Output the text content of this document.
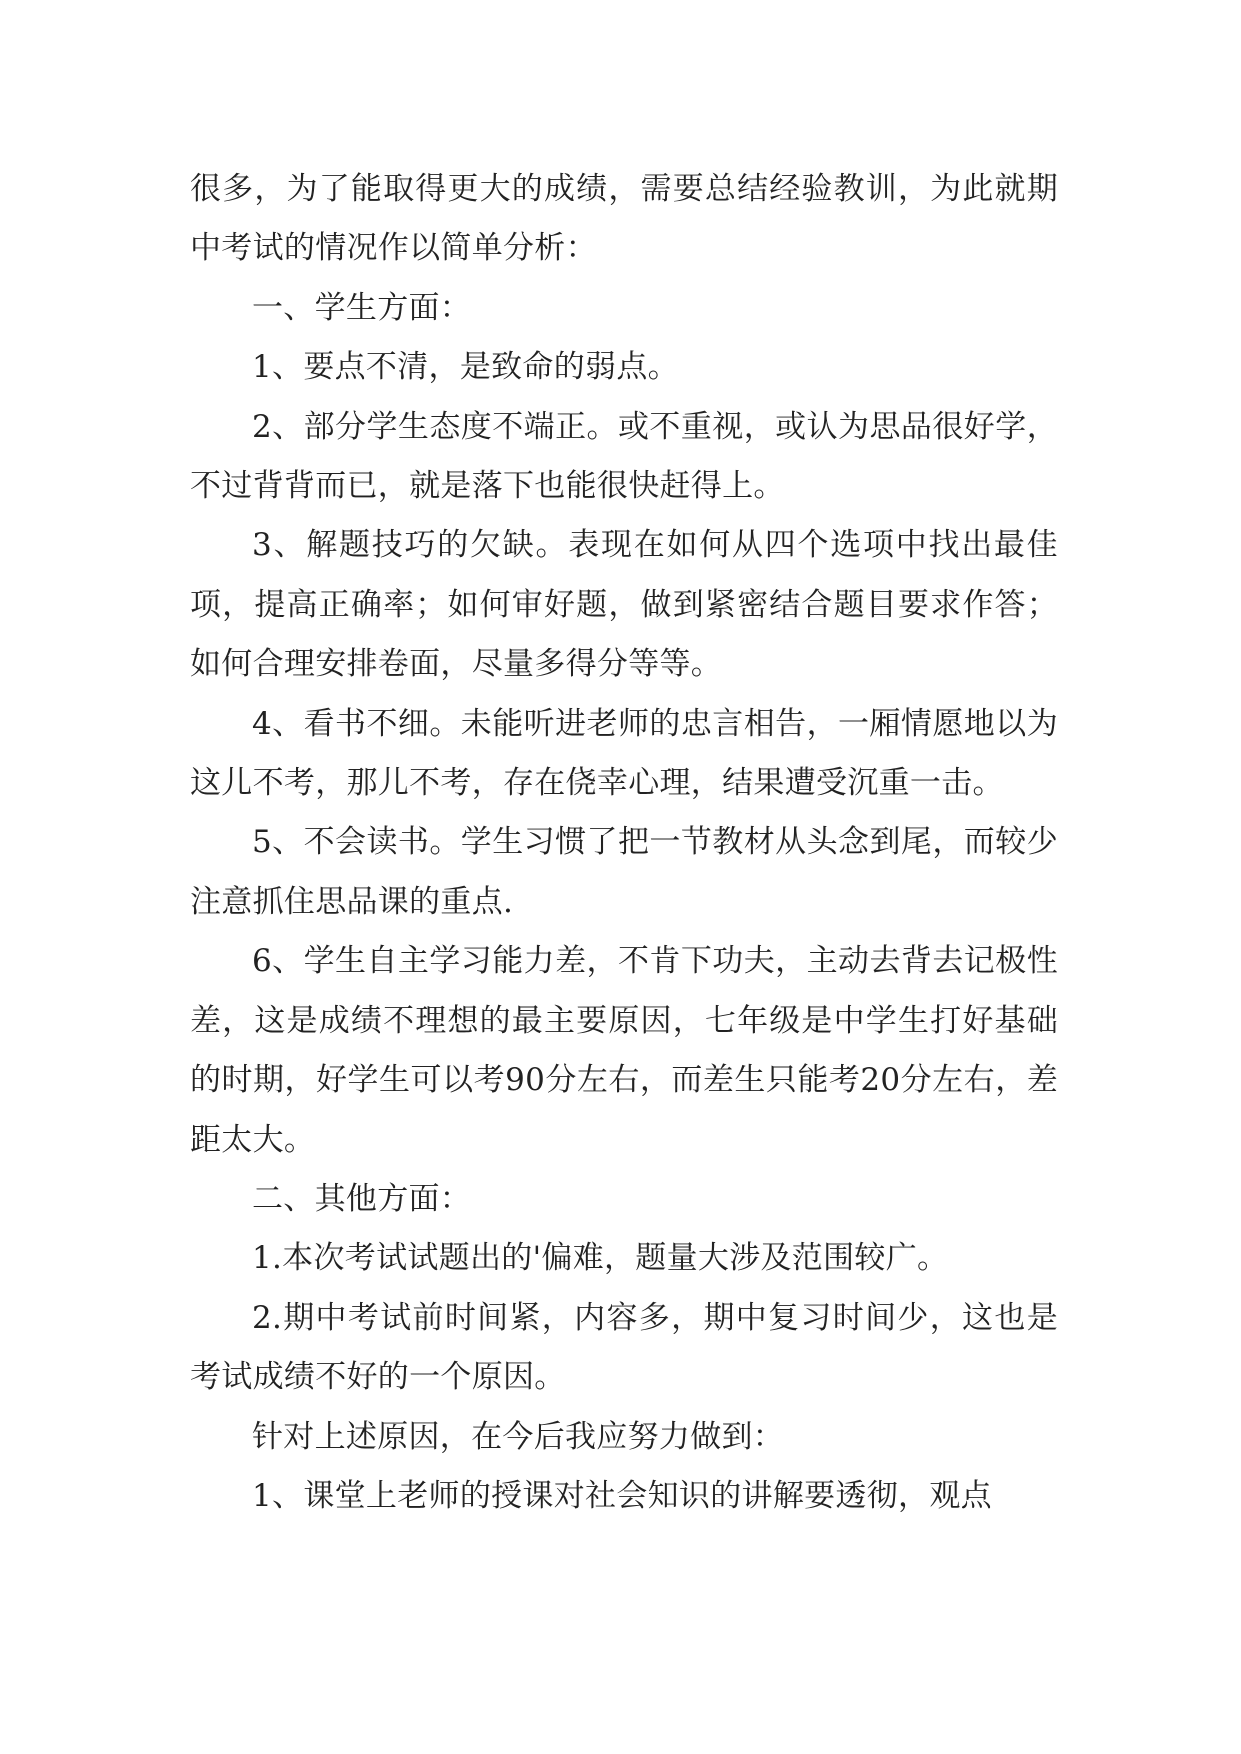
很多，为了能取得更大的成绩，需要总结经验教训，为此就期中考试的情况作以简单分析：

一、学生方面：

1、要点不清，是致命的弱点。

2、部分学生态度不端正。或不重视，或认为思品很好学，不过背背而已，就是落下也能很快赶得上。

3、解题技巧的欠缺。表现在如何从四个选项中找出最佳项，提高正确率；如何审好题，做到紧密结合题目要求作答；如何合理安排卷面，尽量多得分等等。

4、看书不细。未能听进老师的忠言相告，一厢情愿地以为这儿不考，那儿不考，存在侥幸心理，结果遭受沉重一击。

5、不会读书。学生习惯了把一节教材从头念到尾，而较少注意抓住思品课的重点.

6、学生自主学习能力差，不肯下功夫，主动去背去记极性差，这是成绩不理想的最主要原因，七年级是中学生打好基础的时期，好学生可以考90分左右，而差生只能考20分左右，差距太大。

二、其他方面：

1.本次考试试题出的'偏难，题量大涉及范围较广。

2.期中考试前时间紧，内容多，期中复习时间少，这也是考试成绩不好的一个原因。

针对上述原因，在今后我应努力做到：

1、课堂上老师的授课对社会知识的讲解要透彻，观点
